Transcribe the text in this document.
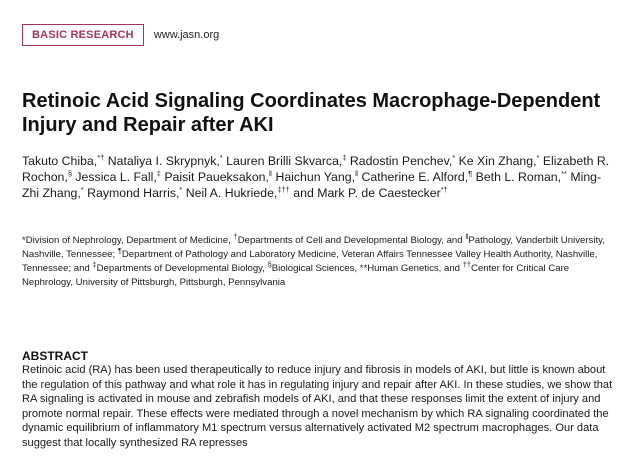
BASIC RESEARCH	www.jasn.org
Retinoic Acid Signaling Coordinates Macrophage-Dependent Injury and Repair after AKI
Takuto Chiba,*† Nataliya I. Skrypnyk,* Lauren Brilli Skvarca,‡ Radostin Penchev,* Ke Xin Zhang,* Elizabeth R. Rochon,§ Jessica L. Fall,‡ Paisit Paueksakon,‖ Haichun Yang,‖ Catherine E. Alford,¶ Beth L. Roman,** Ming-Zhi Zhang,* Raymond Harris,* Neil A. Hukriede,‡†† and Mark P. de Caestecker*†
*Division of Nephrology, Department of Medicine, †Departments of Cell and Developmental Biology, and ‖Pathology, Vanderbilt University, Nashville, Tennessee; ¶Department of Pathology and Laboratory Medicine, Veteran Affairs Tennessee Valley Health Authority, Nashville, Tennessee; and ‡Departments of Developmental Biology, §Biological Sciences, **Human Genetics, and ††Center for Critical Care Nephrology, University of Pittsburgh, Pittsburgh, Pennsylvania
ABSTRACT
Retinoic acid (RA) has been used therapeutically to reduce injury and fibrosis in models of AKI, but little is known about the regulation of this pathway and what role it has in regulating injury and repair after AKI. In these studies, we show that RA signaling is activated in mouse and zebrafish models of AKI, and that these responses limit the extent of injury and promote normal repair. These effects were mediated through a novel mechanism by which RA signaling coordinated the dynamic equilibrium of inflammatory M1 spectrum versus alternatively activated M2 spectrum macrophages. Our data suggest that locally synthesized RA represses
